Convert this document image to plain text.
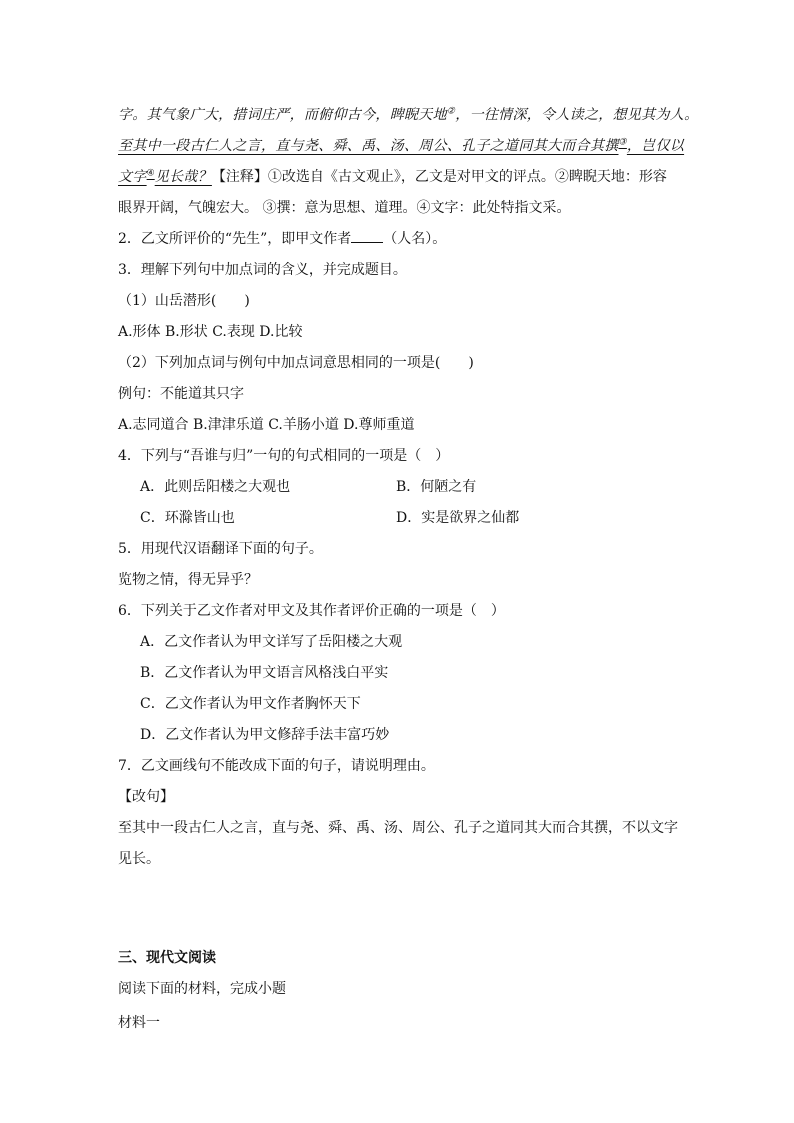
字。其气象广大，措词庄严，而俯仰古今，睥睨天地②，一往情深，令人读之，想见其为人。
至其中一段古仁人之言，直与尧、舜、禹、汤、周公、孔子之道同其大而合其撰③，岂仅以
文字④见长哉？【注释】①改选自《古文观止》，乙文是对甲文的评点。②睥睨天地：形容
眼界开阔，气魄宏大。 ③撰：意为思想、道理。④文字：此处特指文采。
2．乙文所评价的“先生”，即甲文作者 （人名）。
3．理解下列句中加点词的含义，并完成题目。
（1）山岳潜形(　　)
A.形体 B.形状 C.表现 D.比较
（2）下列加点词与例句中加点词意思相同的一项是(　　)
例句：不能道其只字
A.志同道合 B.津津乐道 C.羊肠小道 D.尊师重道
4．下列与“吾谁与归”一句的句式相同的一项是（　）
A．此则岳阳楼之大观也	B．何陋之有
C．环滁皆山也	D．实是欲界之仙都
5．用现代汉语翻译下面的句子。
览物之情，得无异乎？
6．下列关于乙文作者对甲文及其作者评价正确的一项是（　）
A．乙文作者认为甲文详写了岳阳楼之大观
B．乙文作者认为甲文语言风格浅白平实
C．乙文作者认为甲文作者胸怀天下
D．乙文作者认为甲文修辞手法丰富巧妙
7．乙文画线句不能改成下面的句子，请说明理由。
【改句】
至其中一段古仁人之言，直与尧、舜、禹、汤、周公、孔子之道同其大而合其撰，不以文字
见长。
三、现代文阅读
阅读下面的材料，完成小题
材料一
